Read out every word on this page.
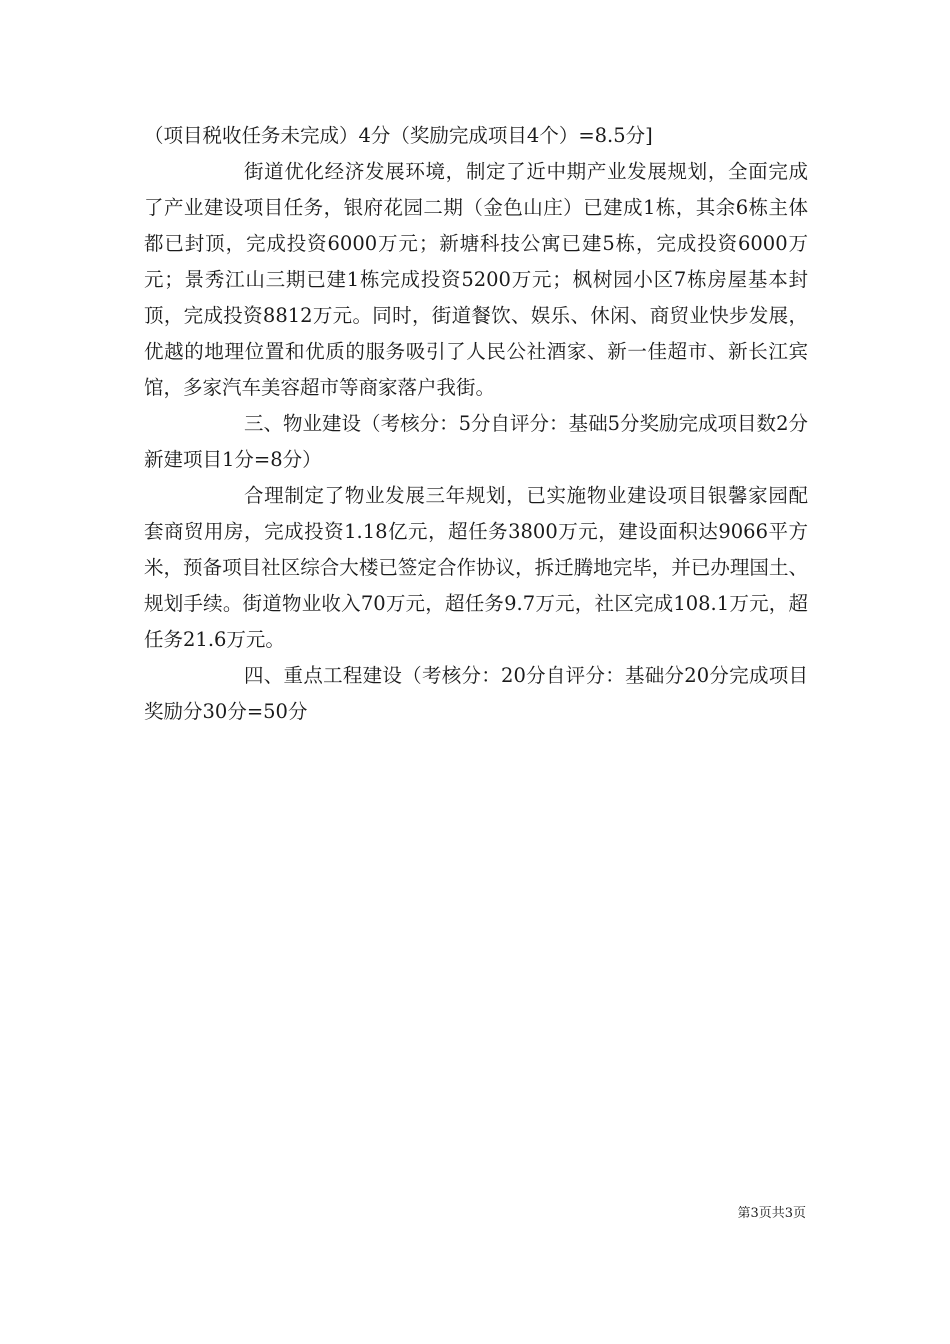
（项目税收任务未完成）4分（奖励完成项目4个）=8.5分]

街道优化经济发展环境，制定了近中期产业发展规划，全面完成了产业建设项目任务，银府花园二期（金色山庄）已建成1栋，其余6栋主体都已封顶，完成投资6000万元；新塘科技公寓已建5栋，完成投资6000万元；景秀江山三期已建1栋完成投资5200万元；枫树园小区7栋房屋基本封顶，完成投资8812万元。同时，街道餐饮、娱乐、休闲、商贸业快步发展，优越的地理位置和优质的服务吸引了人民公社酒家、新一佳超市、新长江宾馆，多家汽车美容超市等商家落户我街。

三、物业建设（考核分：5分自评分：基础5分奖励完成项目数2分新建项目1分=8分）

合理制定了物业发展三年规划，已实施物业建设项目银馨家园配套商贸用房，完成投资1.18亿元，超任务3800万元，建设面积达9066平方米，预备项目社区综合大楼已签定合作协议，拆迁腾地完毕，并已办理国土、规划手续。街道物业收入70万元，超任务9.7万元，社区完成108.1万元，超任务21.6万元。

四、重点工程建设（考核分：20分自评分：基础分20分完成项目奖励分30分=50分

第3页共3页
